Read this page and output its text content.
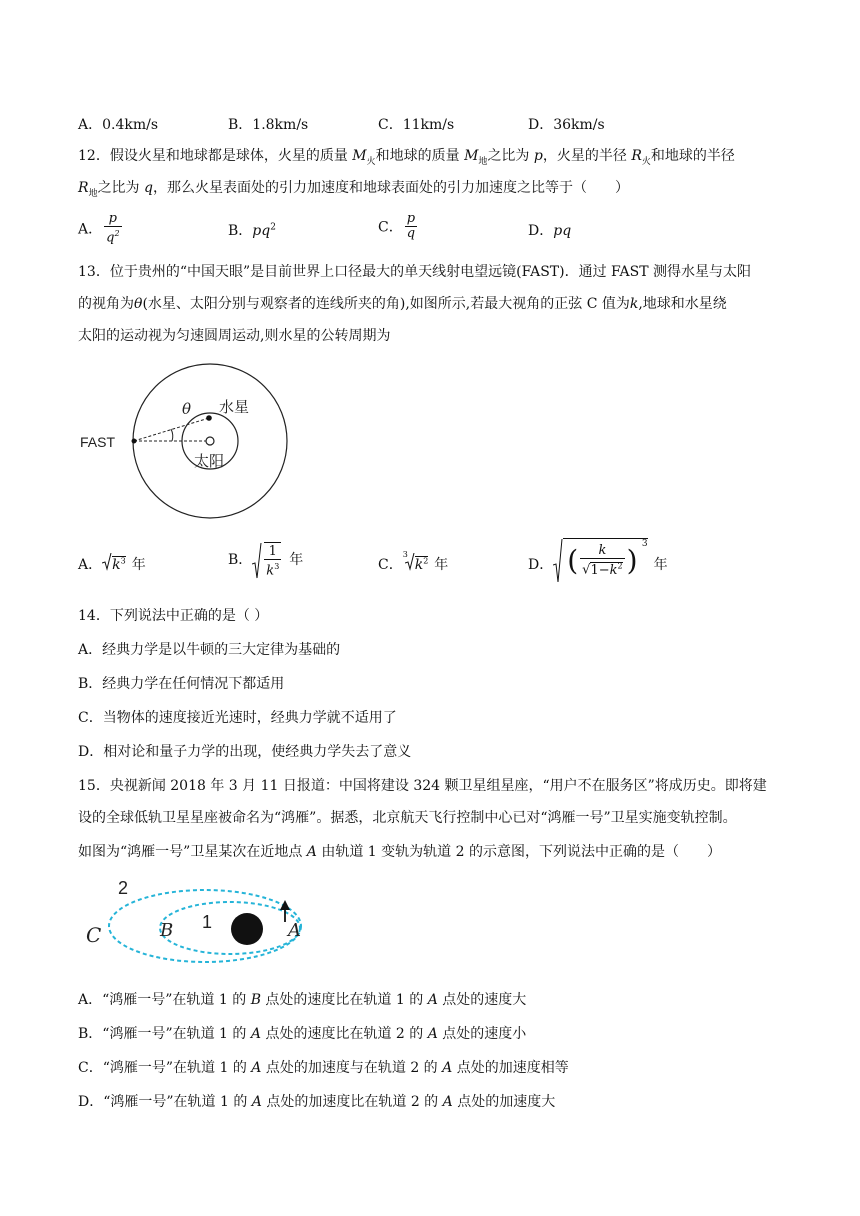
A．0.4km/s	B．1.8km/s	C．11km/s	D．36km/s
12．假设火星和地球都是球体，火星的质量 $M_火$和地球的质量 $M_地$之比为 p，火星的半径 $R_火$和地球的半径
$R_地$之比为 q，那么火星表面处的引力加速度和地球表面处的引力加速度之比等于（　　）
A． $\frac{p}{q^2}$	B．$pq^2$	C． $\frac{p}{q}$	D．pq
13．位于贵州的“中国天眼”是目前世界上口径最大的单天线射电望远镜(FAST)．通过 FAST 测得水星与太阳
的视角为θ(水星、太阳分别与观察者的连线所夹的角),如图所示,若最大视角的正弦 C 值为k,地球和水星绕
太阳的运动视为匀速圆周运动,则水星的公转周期为
FAST
水星
太阳
θ
A． $k^3$ 年	B． $\frac{1}{k^3}$ 年	C．
3
$k^2$ 年	D． ( $\frac{k}{√1-k^2}$ ) 3
年
14．下列说法中正确的是（ ）
A．经典力学是以牛顿的三大定律为基础的
B．经典力学在任何情况下都适用
C．当物体的速度接近光速时，经典力学就不适用了
D．相对论和量子力学的出现，使经典力学失去了意义
15．央视新闻 2018 年 3 月 11 日报道：中国将建设 324 颗卫星组星座，“用户不在服务区”将成历史。即将建
设的全球低轨卫星星座被命名为“鸿雁”。据悉，北京航天飞行控制中心已对“鸿雁一号”卫星实施变轨控制。
如图为“鸿雁一号”卫星某次在近地点 A 由轨道 1 变轨为轨道 2 的示意图，下列说法中正确的是（　　）
2
1
C	B	A
A．“鸿雁一号”在轨道 1 的 B 点处的速度比在轨道 1 的 A 点处的速度大
B．“鸿雁一号”在轨道 1 的 A 点处的速度比在轨道 2 的 A 点处的速度小
C．“鸿雁一号”在轨道 1 的 A 点处的加速度与在轨道 2 的 A 点处的加速度相等
D．“鸿雁一号”在轨道 1 的 A 点处的加速度比在轨道 2 的 A 点处的加速度大
